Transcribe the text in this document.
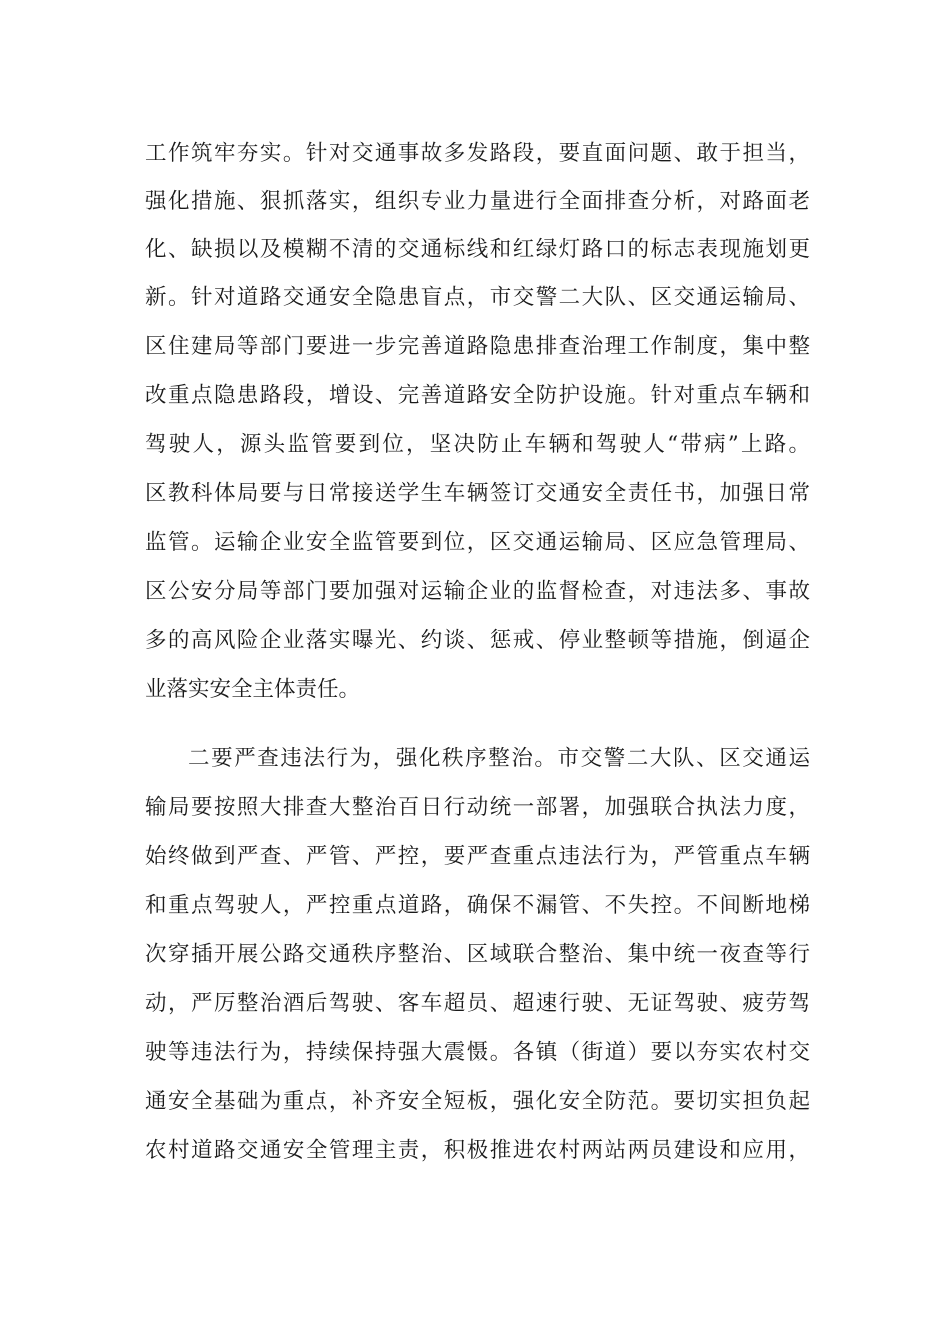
工作筑牢夯实。针对交通事故多发路段，要直面问题、敢于担当，
强化措施、狠抓落实，组织专业力量进行全面排查分析，对路面老
化、缺损以及模糊不清的交通标线和红绿灯路口的标志表现施划更
新。针对道路交通安全隐患盲点，市交警二大队、区交通运输局、
区住建局等部门要进一步完善道路隐患排查治理工作制度，集中整
改重点隐患路段，增设、完善道路安全防护设施。针对重点车辆和
驾驶人，源头监管要到位，坚决防止车辆和驾驶人“带病”上路。
区教科体局要与日常接送学生车辆签订交通安全责任书，加强日常
监管。运输企业安全监管要到位，区交通运输局、区应急管理局、
区公安分局等部门要加强对运输企业的监督检查，对违法多、事故
多的高风险企业落实曝光、约谈、惩戒、停业整顿等措施，倒逼企
业落实安全主体责任。
二要严查违法行为，强化秩序整治。市交警二大队、区交通运
输局要按照大排查大整治百日行动统一部署，加强联合执法力度，
始终做到严查、严管、严控，要严查重点违法行为，严管重点车辆
和重点驾驶人，严控重点道路，确保不漏管、不失控。不间断地梯
次穿插开展公路交通秩序整治、区域联合整治、集中统一夜查等行
动，严厉整治酒后驾驶、客车超员、超速行驶、无证驾驶、疲劳驾
驶等违法行为，持续保持强大震慑。各镇（街道）要以夯实农村交
通安全基础为重点，补齐安全短板，强化安全防范。要切实担负起
农村道路交通安全管理主责，积极推进农村两站两员建设和应用，
